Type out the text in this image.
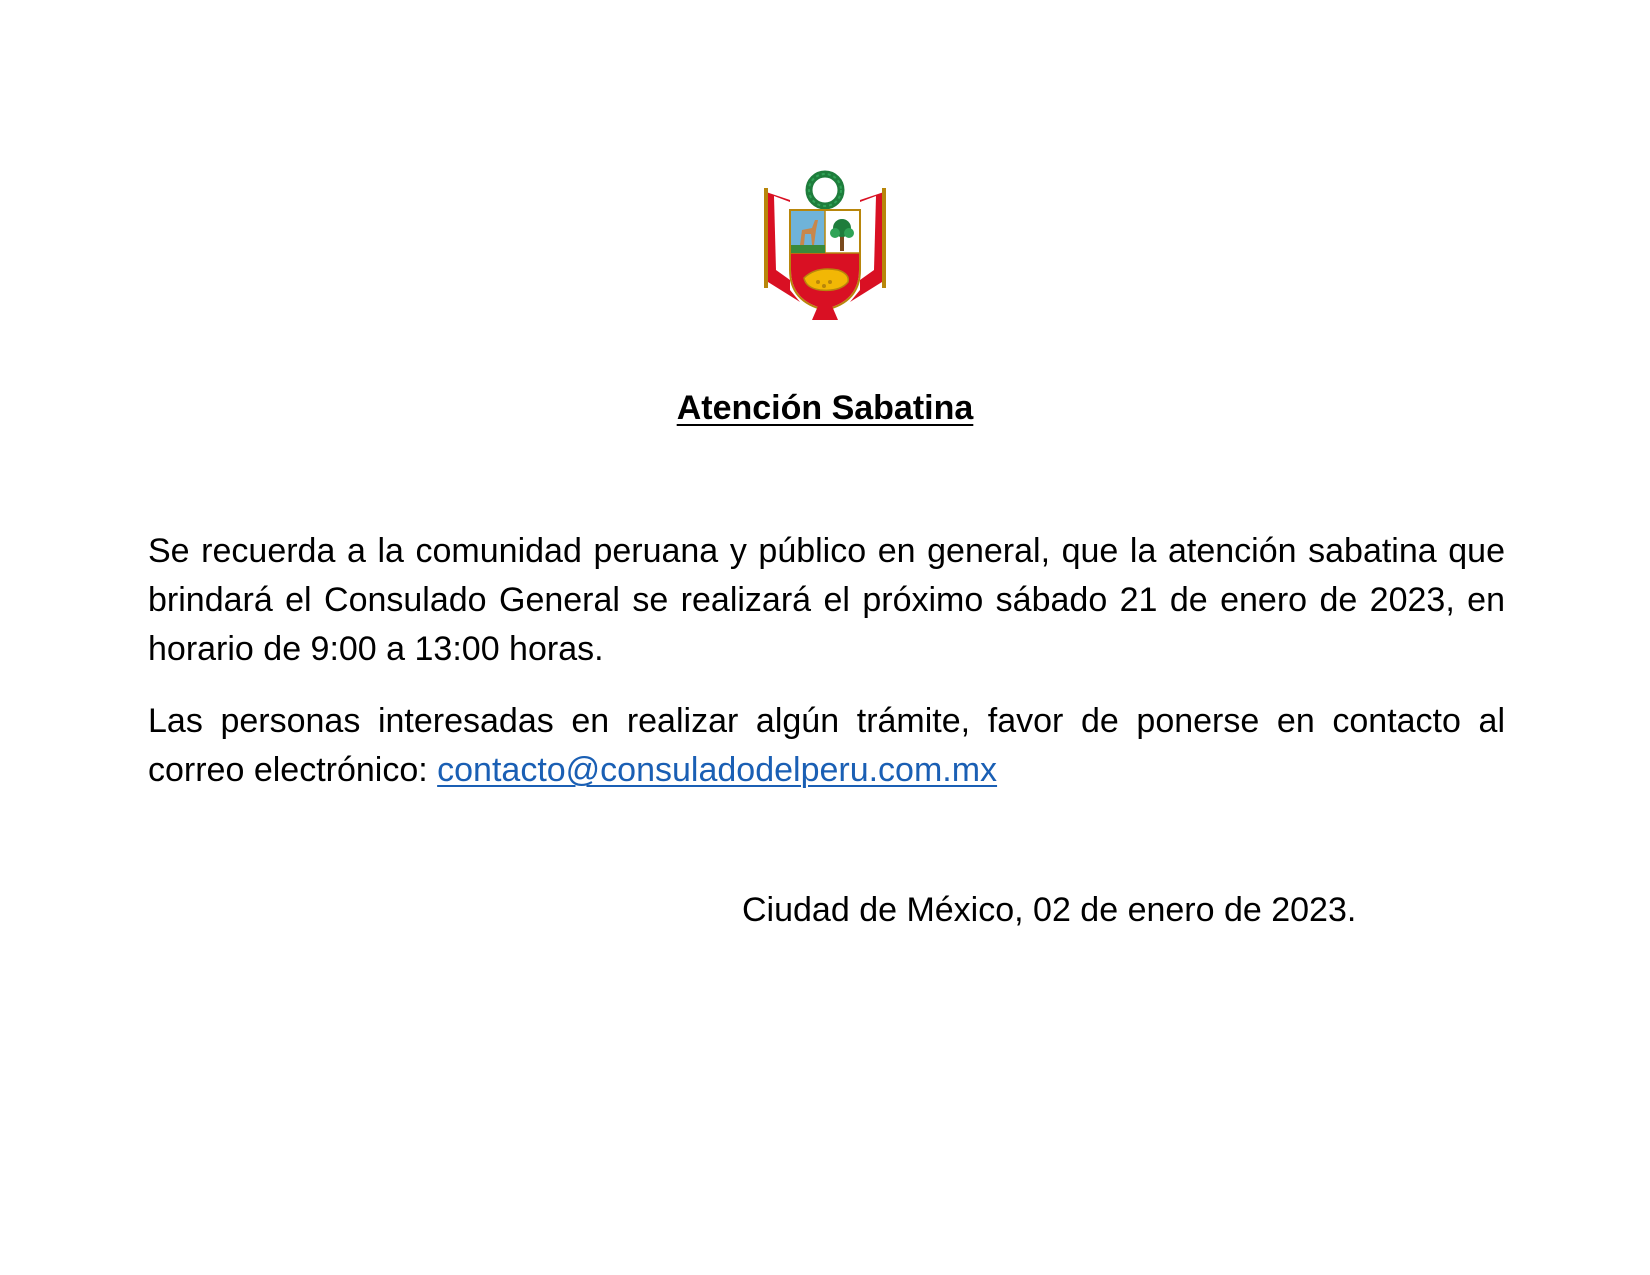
Atención Sabatina

Se recuerda a la comunidad peruana y público en general, que la atención sabatina que brindará el Consulado General se realizará el próximo sábado 21 de enero de 2023, en horario de 9:00 a 13:00 horas.

Las personas interesadas en realizar algún trámite, favor de ponerse en contacto al correo electrónico: contacto@consuladodelperu.com.mx

Ciudad de México, 02 de enero de 2023.
